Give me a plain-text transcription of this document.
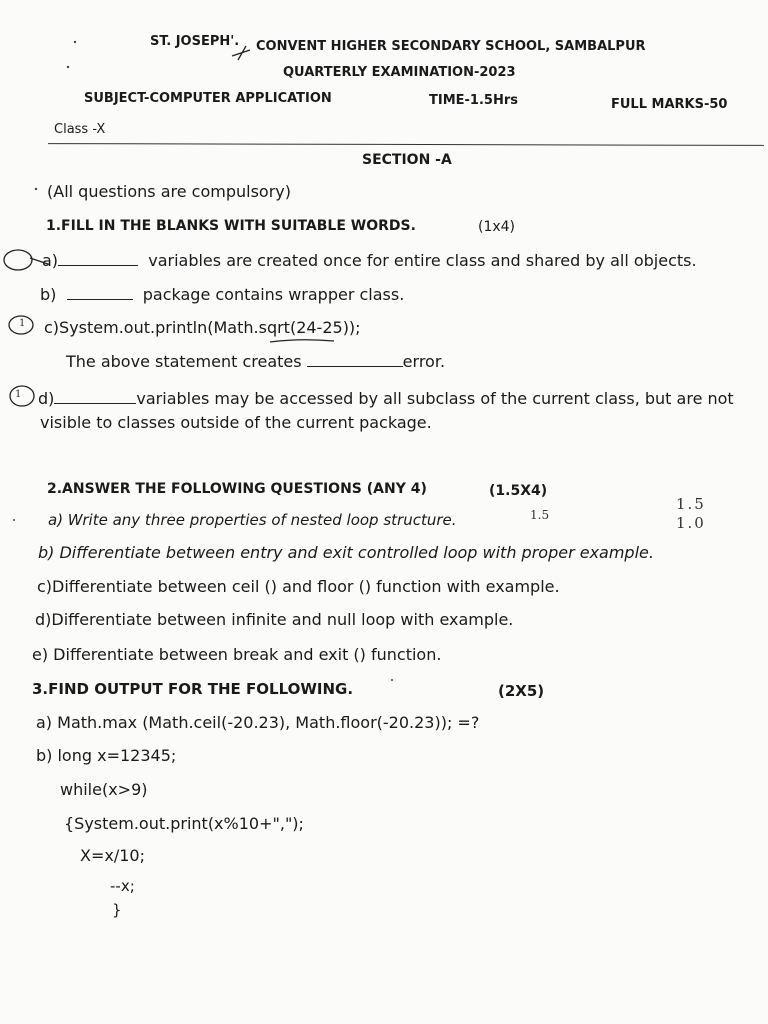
ST. JOSEPH'. CONVENT HIGHER SECONDARY SCHOOL, SAMBALPUR
QUARTERLY EXAMINATION-2023
SUBJECT-COMPUTER APPLICATION	TIME-1.5Hrs	FULL MARKS-50
Class -X
SECTION -A
(All questions are compulsory)
1.FILL IN THE BLANKS WITH SUITABLE WORDS.	(1x4)
a)	variables are created once for entire class and shared by all objects.
b)	package contains wrapper class.
c)System.out.println(Math.sqrt(24-25));
The above statement creates	error.
d)	variables may be accessed by all subclass of the current class, but are not
visible to classes outside of the current package.
2.ANSWER THE FOLLOWING QUESTIONS (ANY 4)	(1.5X4)
a) Write any three properties of nested loop structure.
b) Differentiate between entry and exit controlled loop with proper example.
c)Differentiate between ceil () and floor () function with example.
d)Differentiate between infinite and null loop with example.
e) Differentiate between break and exit () function.
3.FIND OUTPUT FOR THE FOLLOWING.	(2X5)
a) Math.max (Math.ceil(-20.23), Math.floor(-20.23)); =?
b) long x=12345;
while(x>9)
{System.out.print(x%10+",");
X=x/10;
--x;
}
1.5
1.5
1.0
1
1
